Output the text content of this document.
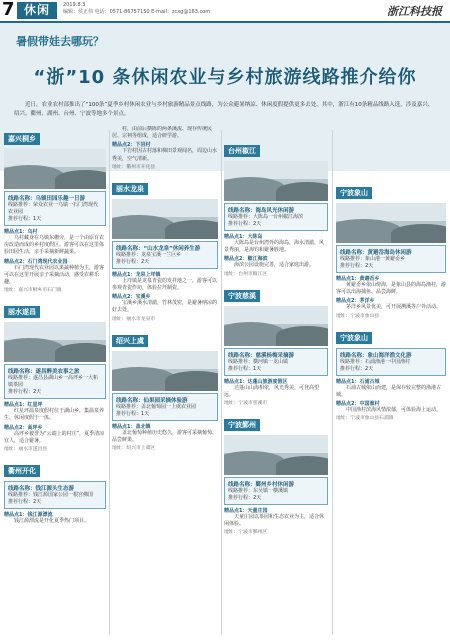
7 休闲	2019.8.3
编辑：侯正伟 电话：0571-86757150 E-mail：zcxg@163.com	浙江科技报
暑假带娃去哪玩？
“浙”10 条休闲农业与乡村旅游线路推介给你

近日，农业农村部推出了“100条”夏季乡村休闲农业与乡村旅游精品景点线路，为公众避暑纳凉、休闲度假提供更多去处。其中，浙江有10条精品线路入选，涉及嘉兴、绍兴、衢州、湖州、台州、宁波等地多个景点。

嘉兴桐乡
线路名称：乌镇田园乐趣一日游
线路推荐：荣众农业一乌镇一石门湾现代农业园
推荐行程：1天
精品点1：乌村
乌村藏身在乌镇东栅旁，是一个由原有农房改造而成的乡村度假区。游客可以在这里体验田园生活，亲手采摘新鲜蔬果。
精品点2：石门湾现代农业园
石门湾现代农业园以果蔬种植为主，游客可以在这里开展亲子采摘活动，感受农耕乐趣。
地址：嘉兴市桐乡市石门镇
丽水遂昌
线路名称：遂昌醉美农事之旅
线路推荐：遂昌县湖山乡一高坪乡一大柘镇茶园
推荐行程：2天
精品点1：红星坪
红星坪温泉度假村位于湖山乡，集温泉养生、休闲度假于一体。
精品点2：高坪乡
高坪乡被誉为“云端上的村庄”，夏季清凉宜人，适合避暑。
地址：丽水市遂昌县
衢州开化
线路名称：钱江源头生态游
线路推荐：钱江源国家公园一根宫佛国
推荐行程：2天
精品点1：钱江源漂流
钱江源漂流是开化夏季热门项目。
村，由前后横陈的两条溪流、现存传统民居、宗祠等组成，适合研学游。
精品点2：下岩村
下岩村因古村落和梯田景观闻名，周边山水秀美，空气清新。
地址：衢州市开化县
丽水龙泉
线路名称：“山水龙泉”休闲养生游
线路推荐：龙泉宝溪一兰巨乡
推荐行程：2天
精品点1：龙泉上垟镇
上垟镇是龙泉青瓷的发祥地之一，游客可以参观青瓷作坊，体验拉坯制瓷。
精品点2：宝溪乡
宝溪乡溪水清澈，竹林茂密，是避暑纳凉的好去处。
地址：丽水市龙泉市
绍兴上虞
线路名称：仙果园采摘体验游
线路推荐：盖北葡萄园一上虞农业园
推荐行程：1天
精品点1：盖北镇
盖北葡萄种植历史悠久，游客可采摘葡萄、品尝鲜果。
地址：绍兴市上虞区
台州椒江
线路名称：海岛风光休闲游
线路推荐：大陈岛一台州椒江海滨
推荐行程：2天
精品点1：大陈岛
大陈岛是台州湾外的海岛，海水清澈，风景秀丽，是海钓和避暑胜地。
精品点2：椒江海滨
海滨公园设施完善，适合家庭出游。
地址：台州市椒江区
宁波慈溪
线路名称：慈溪杨梅采摘游
线路推荐：横河镇一龙山镇
推荐行程：1天
精品点1：达蓬山旅游度假区
达蓬山山海相依，风光秀美，可登高望远。
地址：宁波市慈溪市
宁波鄞州
线路名称：鄞州乡村休闲游
线路推荐：东吴镇一横溪镇
推荐行程：2天
精品点1：天童庄园
天童庄园以茶园和生态农业为主，适合休闲体验。
地址：宁波市鄞州区
宁波象山
线路名称：黄避岙海岛休闲游
线路推荐：象山港一黄避岙乡
推荐行程：2天
精品点1：黄避岙乡
黄避岙乡依山傍海，是象山县的海岛渔村，游客可以出海捕鱼、品尝海鲜。
精品点2：茅洋乡
茅洋乡风景优美，可开展溯溪等户外活动。
地址：宁波市象山县
宁波象山
线路名称：象山海洋渔文化游
线路推荐：石浦渔港一中国渔村
推荐行程：2天
精品点1：石浦古城
石浦古城依山而建，是保存较完整的渔港古城。
精品点2：中国渔村
中国渔村滨海风情浓郁，可体验海上运动。
地址：宁波市象山县石浦镇
